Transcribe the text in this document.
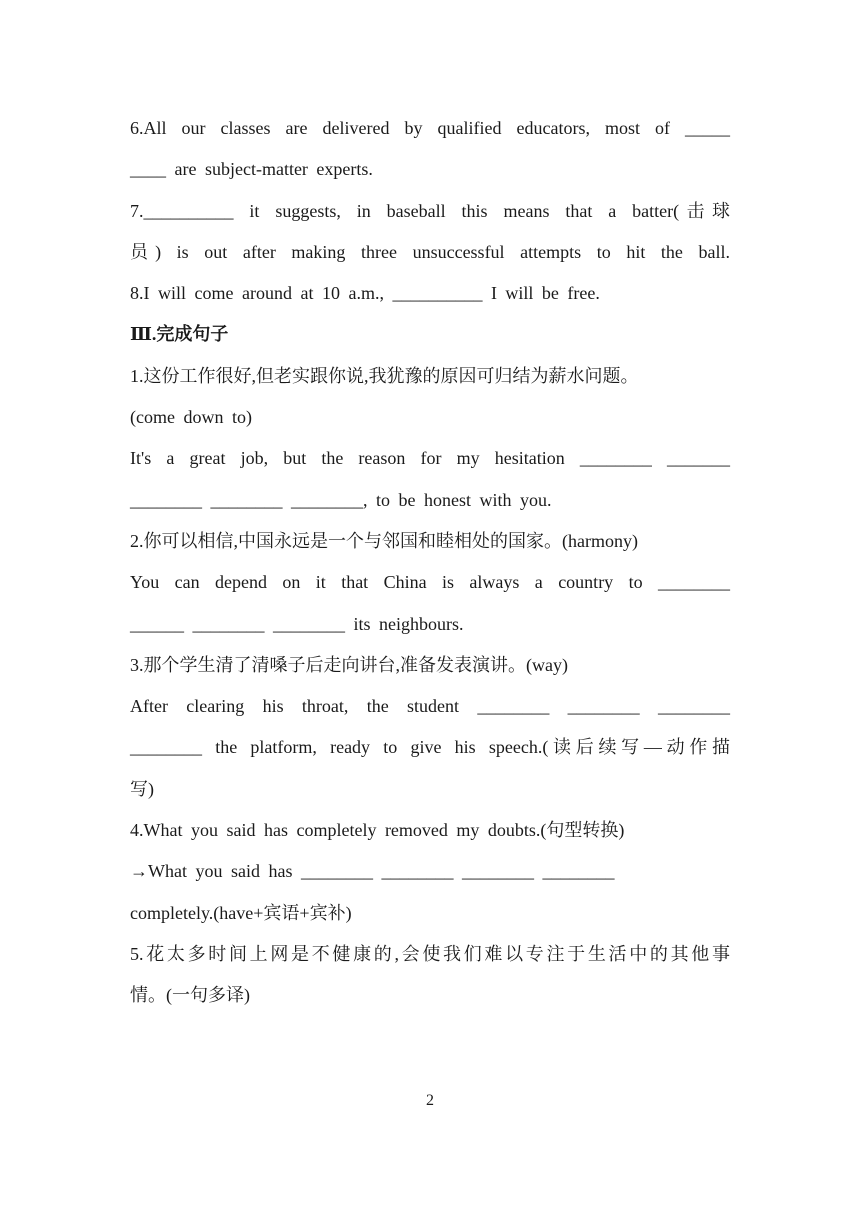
6.All our classes are delivered by qualified educators, most of _____
____ are subject-matter experts.
7.__________ it suggests, in baseball this means that a batter(击球
员) is out after making three unsuccessful attempts to hit the ball.
8.I will come around at 10 a.m., __________ I will be free.
Ⅲ.完成句子
1.这份工作很好,但老实跟你说,我犹豫的原因可归结为薪水问题。
(come down to)
It's a great job, but the reason for my hesitation ________ _______
________ ________ ________, to be honest with you.
2.你可以相信,中国永远是一个与邻国和睦相处的国家。(harmony)
You can depend on it that China is always a country to ________
______ ________ ________ its neighbours.
3.那个学生清了清嗓子后走向讲台,准备发表演讲。(way)
After clearing his throat, the student ________ ________ ________
________ the platform, ready to give his speech.(读后续写—动作描
写)
4.What you said has completely removed my doubts.(句型转换)
→What you said has ________ ________ ________ ________
completely.(have+宾语+宾补)
5.花太多时间上网是不健康的,会使我们难以专注于生活中的其他事
情。(一句多译)
2
